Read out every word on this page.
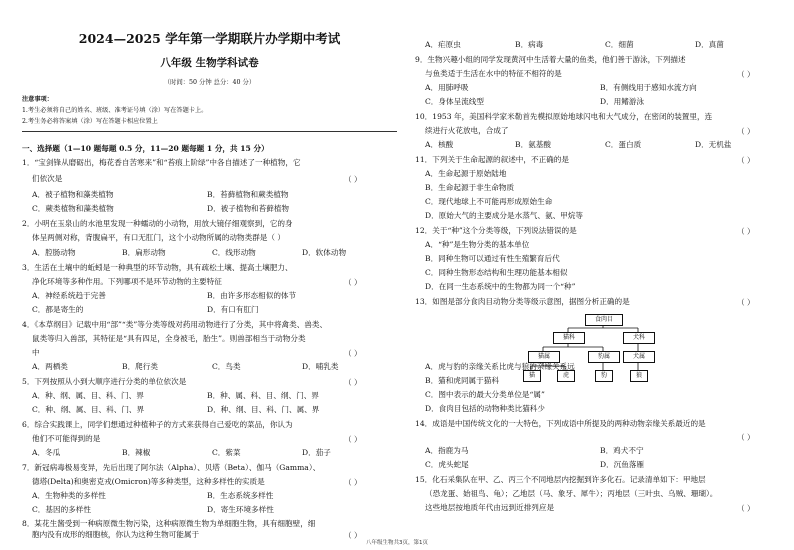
2024—2025 学年第一学期联片办学期中考试
八年级 生物学科试卷
（时间：50 分钟 总分：40 分）
注意事项：
1.考生必须将自己的姓名、班级、准考证号填（涂）写在答题卡上。
2.考生务必将答案填（涂）写在答题卡相应位置上
一、选择题（1—10 题每题 0.5 分，11—20 题每题 1 分，共 15 分）
1．“宝剑锋从磨砺出，梅花香自苦寒来”和“苔痕上阶绿”中各自描述了一种植物，它
们依次是	（ ）
A．被子植物和藻类植物	B．苔藓植物和蕨类植物
C．蕨类植物和藻类植物	D．被子植物和苔藓植物
2．小明在玉泉山的水池里发现一种蠕动的小动物，用放大镜仔细观察到，它的身
体呈两侧对称，背腹扁平，有口无肛门，这个小动物所属的动物类群是（ ）
A．腔肠动物	B．扁形动物	C．线形动物	D．软体动物
3．生活在土壤中的蚯蚓是一种典型的环节动物，具有疏松土壤、提高土壤肥力、
净化环境等多种作用。下列哪项不是环节动物的主要特征	（ ）
A．神经系统趋于完善	B．由许多形态相似的体节
C．都是寄生的	D．有口有肛门
4．《本草纲目》记载中用“部”“类”等分类等级对药用动物进行了分类，其中将禽类、兽类、
鼠类等归入兽部，其特征是“具有四足，全身被毛，胎生”。则兽部相当于动物分类
中	（ ）
A．两栖类	B．爬行类	C．鸟类	D．哺乳类
5．下列按照从小到大顺序进行分类的单位依次是	（ ）
A．种、纲、属、目、科、门、界	B．种、属、科、目、纲、门、界
C．种、纲、属、目、科、门、界	D．种、纲、目、科、门、属、界
6．综合实践课上，同学们想通过种植种子的方式来获得自己爱吃的菜品，你认为
他们不可能得到的是	（ ）
A．冬瓜	B．辣椒	C．紫菜	D．茄子
7．新冠病毒极易变异，先后出现了阿尔法（Alpha）、贝塔（Beta）、伽马（Gamma）、
德塔(Delta)和奥密克戎(Omicron)等多种类型，这种多样性的实质是	（ ）
A．生物种类的多样性	B．生态系统多样性
C．基因的多样性	D．寄生环境多样性
8．某花生酱受到一种病原微生物污染，这种病原微生物为单细胞生物，具有细胞壁，细
胞内没有成形的细胞核，你认为这种生物可能属于	（ ）
A．疟原虫	B．病毒	C．细菌	D．真菌
9．生物兴趣小组的同学发现黄河中生活着大量的鱼类，他们善于游泳，下列描述
与鱼类适于生活在水中的特征不相符的是	（ ）
A．用肺呼吸	B．有侧线用于感知水流方向
C．身体呈流线型	D．用鳍游泳
10．1953 年，美国科学家米勒首先模拟原始地球闪电和大气成分，在密闭的装置里，连
续进行火花放电，合成了	（ ）
A．核酸	B．氨基酸	C．蛋白质	D．无机盐
11．下列关于生命起源的叙述中，不正确的是	（ ）
A．生命起源于原始陆地
B．生命起源于非生命物质
C．现代地球上不可能再形成原始生命
D．原始大气的主要成分是水蒸气、氨、甲烷等
12．关于“种”这个分类等级，下列说法错误的是	（ ）
A．“种”是生物分类的基本单位
B．同种生物可以通过有性生殖繁育后代
C．同种生物形态结构和生理功能基本相似
D．在同一生态系统中的生物都为同一个“种”
13．如图是部分食肉目动物分类等级示意图，据图分析正确的是	（ ）
食肉目
猫科	犬科
猫属	豹属	犬属
猫	虎	豹	狼
A．虎与豹的亲缘关系比虎与狼的亲缘关系远
B．猫和虎同属于猫科
C．图中表示的最大分类单位是“属”
D．食肉目包括的动物种类比猫科少
14．成语是中国传统文化的一大特色，下列成语中所提及的两种动物亲缘关系最近的是
（ ）
A．指鹿为马	B．鸡犬不宁
C．虎头蛇尾	D．沉鱼落雁
15．化石采集队在甲、乙、丙三个不同地层内挖掘到许多化石。记录清单如下：甲地层
（恐龙蛋、始祖鸟、龟）；乙地层（马、象牙、犀牛）；丙地层（三叶虫、乌贼、珊瑚）。
这些地层按地质年代由远到近排列应是	（ ）
八年级生物共3页，第1页
